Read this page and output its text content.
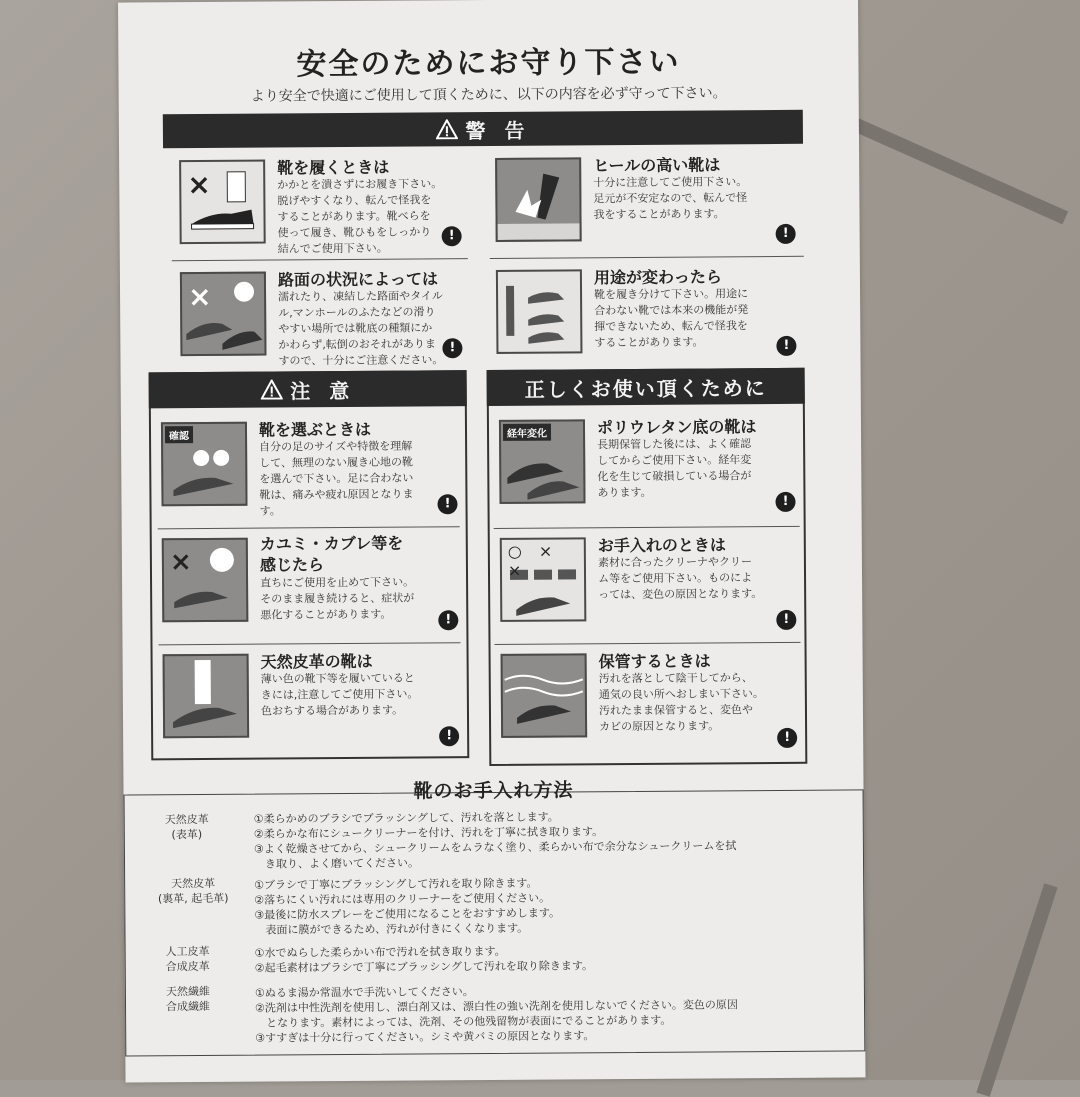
安全のためにお守り下さい
より安全で快適にご使用して頂くために、以下の内容を必ず守って下さい。
警 告
×
靴を履くときは
かかとを潰さずにお履き下さい。
脱げやすくなり、転んで怪我を
することがあります。靴べらを
使って履き、靴ひもをしっかり
結んでご使用下さい。
!
ヒールの高い靴は
十分に注意してご使用下さい。
足元が不安定なので、転んで怪
我をすることがあります。
!
×
路面の状況によっては
濡れたり、凍結した路面やタイル
ル,マンホールのふたなどの滑り
やすい場所では靴底の種類にか
かわらず,転倒のおそれがありま
すので、十分にご注意ください。
!
用途が変わったら
靴を履き分けて下さい。用途に
合わない靴では本来の機能が発
揮できないため、転んで怪我を
することがあります。	!
注 意
確認	靴を選ぶときは
自分の足のサイズや特徴を理解
して、無理のない履き心地の靴
を選んで下さい。足に合わない
靴は、痛みや疲れ原因となりま
す。	!
×
カユミ・カブレ等を
感じたら
直ちにご使用を止めて下さい。
そのまま履き続けると、症状が
悪化することがあります。	!
天然皮革の靴は
薄い色の靴下等を履いていると
きには,注意してご使用下さい。
色おちする場合があります。
!
正しくお使い頂くために
経年変化	ポリウレタン底の靴は
長期保管した後には、よく確認
してからご使用下さい。経年変
化を生じて破損している場合が
あります。
!
○ × ×
お手入れのときは
素材に合ったクリーナやクリー
ム等をご使用下さい。ものによ
っては、変色の原因となります。
!
保管するときは
汚れを落として陰干してから、
通気の良い所へおしまい下さい。
汚れたまま保管すると、変色や
カビの原因となります。
!
靴のお手入れ方法
天然皮革
(表革)
①柔らかめのブラシでブラッシングして、汚れを落とします。
②柔らかな布にシュークリーナーを付け、汚れを丁寧に拭き取ります。
③よく乾燥させてから、シュークリームをムラなく塗り、柔らかい布で余分なシュークリームを拭
　き取り、よく磨いてください。
天然皮革
(裏革, 起毛革)
①ブラシで丁寧にブラッシングして汚れを取り除きます。
②落ちにくい汚れには専用のクリーナーをご使用ください。
③最後に防水スプレーをご使用になることをおすすめします。
　表面に膜ができるため、汚れが付きにくくなります。
人工皮革
合成皮革
①水でぬらした柔らかい布で汚れを拭き取ります。
②起毛素材はブラシで丁寧にブラッシングして汚れを取り除きます。
天然繊維
合成繊維
①ぬるま湯か常温水で手洗いしてください。
②洗剤は中性洗剤を使用し、漂白剤又は、漂白性の強い洗剤を使用しないでください。変色の原因
　となります。素材によっては、洗剤、その他残留物が表面にでることがあります。
③すすぎは十分に行ってください。シミや黄バミの原因となります。
